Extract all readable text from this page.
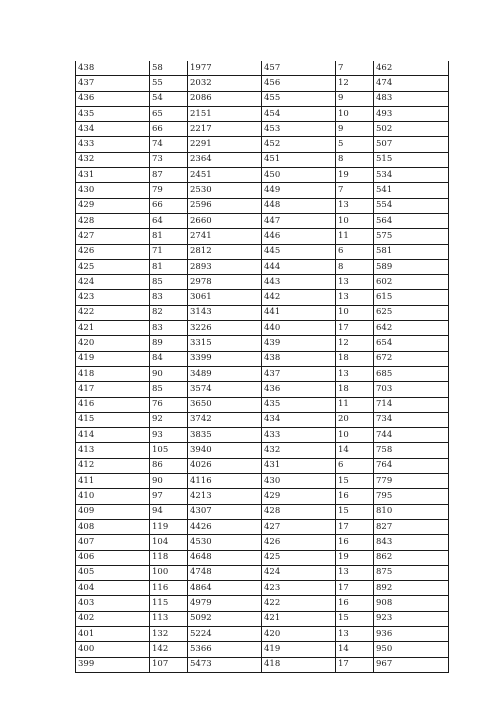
438	58	1977	457	7	462
437	55	2032	456	12	474
436	54	2086	455	9	483
435	65	2151	454	10	493
434	66	2217	453	9	502
433	74	2291	452	5	507
432	73	2364	451	8	515
431	87	2451	450	19	534
430	79	2530	449	7	541
429	66	2596	448	13	554
428	64	2660	447	10	564
427	81	2741	446	11	575
426	71	2812	445	6	581
425	81	2893	444	8	589
424	85	2978	443	13	602
423	83	3061	442	13	615
422	82	3143	441	10	625
421	83	3226	440	17	642
420	89	3315	439	12	654
419	84	3399	438	18	672
418	90	3489	437	13	685
417	85	3574	436	18	703
416	76	3650	435	11	714
415	92	3742	434	20	734
414	93	3835	433	10	744
413	105	3940	432	14	758
412	86	4026	431	6	764
411	90	4116	430	15	779
410	97	4213	429	16	795
409	94	4307	428	15	810
408	119	4426	427	17	827
407	104	4530	426	16	843
406	118	4648	425	19	862
405	100	4748	424	13	875
404	116	4864	423	17	892
403	115	4979	422	16	908
402	113	5092	421	15	923
401	132	5224	420	13	936
400	142	5366	419	14	950
399	107	5473	418	17	967
